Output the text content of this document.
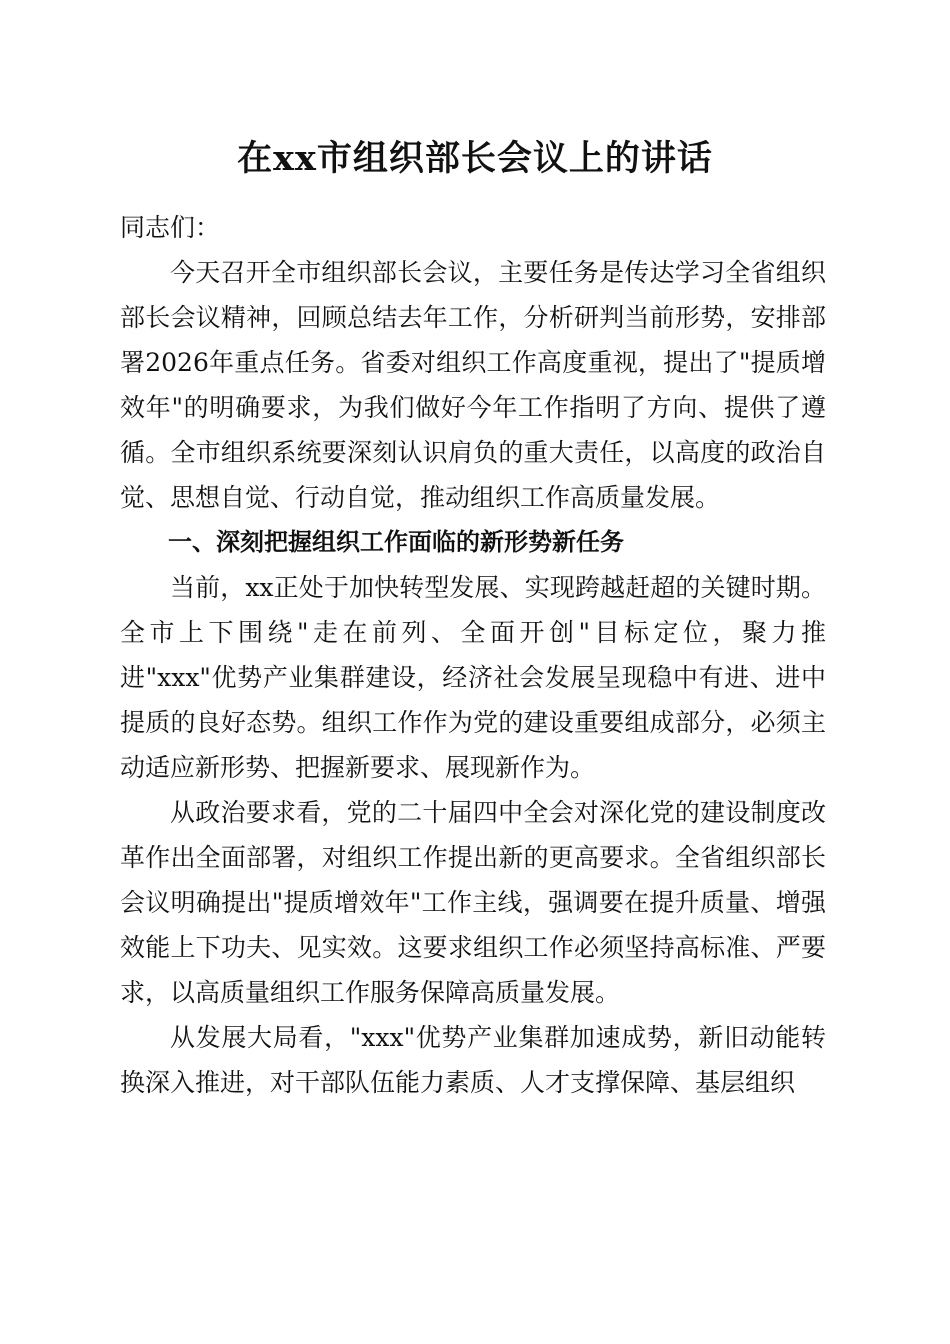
在xx市组织部长会议上的讲话

同志们：

今天召开全市组织部长会议，主要任务是传达学习全省组织部长会议精神，回顾总结去年工作，分析研判当前形势，安排部署2026年重点任务。省委对组织工作高度重视，提出了"提质增效年"的明确要求，为我们做好今年工作指明了方向、提供了遵循。全市组织系统要深刻认识肩负的重大责任，以高度的政治自觉、思想自觉、行动自觉，推动组织工作高质量发展。

一、深刻把握组织工作面临的新形势新任务

当前，xx正处于加快转型发展、实现跨越赶超的关键时期。全市上下围绕"走在前列、全面开创"目标定位，聚力推进"xxx"优势产业集群建设，经济社会发展呈现稳中有进、进中提质的良好态势。组织工作作为党的建设重要组成部分，必须主动适应新形势、把握新要求、展现新作为。

从政治要求看，党的二十届四中全会对深化党的建设制度改革作出全面部署，对组织工作提出新的更高要求。全省组织部长会议明确提出"提质增效年"工作主线，强调要在提升质量、增强效能上下功夫、见实效。这要求组织工作必须坚持高标准、严要求，以高质量组织工作服务保障高质量发展。

从发展大局看，"xxx"优势产业集群加速成势，新旧动能转换深入推进，对干部队伍能力素质、人才支撑保障、基层组织
